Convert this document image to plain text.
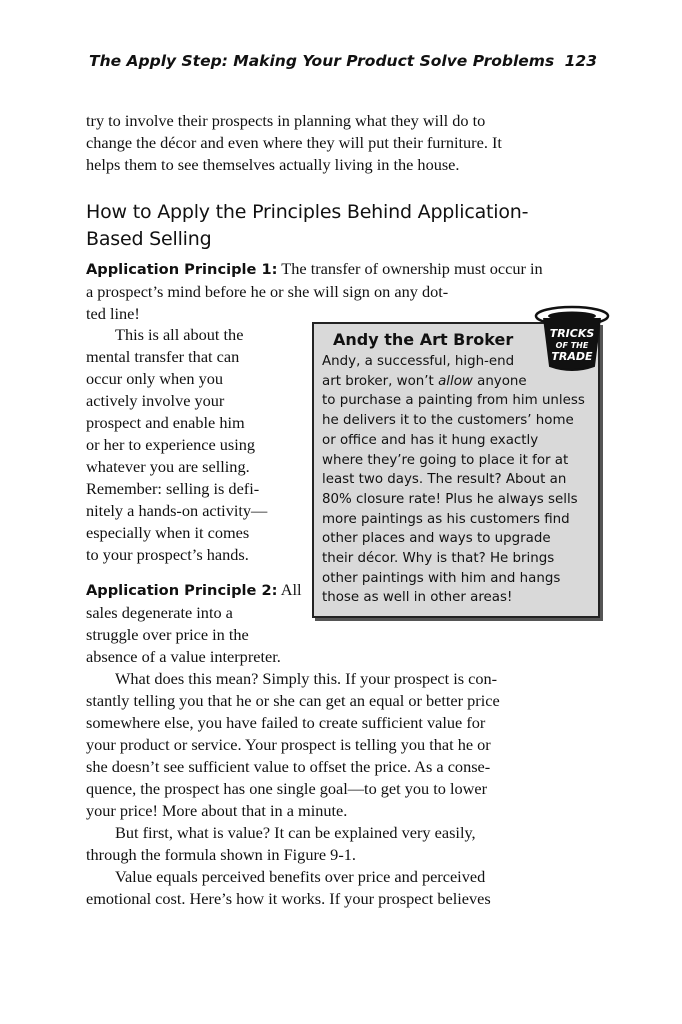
The Apply Step: Making Your Product Solve Problems 123

try to involve their prospects in planning what they will do to
change the décor and even where they will put their furniture. It
helps them to see themselves actually living in the house.

How to Apply the Principles Behind Application-
Based Selling

Application Principle 1: The transfer of ownership must occur in
a prospect’s mind before he or she will sign on any dot-
ted line!

This is all about the
mental transfer that can
occur only when you
actively involve your
prospect and enable him
or her to experience using
whatever you are selling.
Remember: selling is defi-
nitely a hands-on activity—
especially when it comes
to your prospect’s hands.

Application Principle 2: All
sales degenerate into a
struggle over price in the
absence of a value interpreter.

Andy the Art Broker
Andy, a successful, high-end
art broker, won’t allow anyone
to purchase a painting from him unless
he delivers it to the customers’ home
or office and has it hung exactly
where they’re going to place it for at
least two days. The result? About an
80% closure rate! Plus he always sells
more paintings as his customers find
other places and ways to upgrade
their décor. Why is that? He brings
other paintings with him and hangs
those as well in other areas!
TRICKS
OF THE
TRADE

What does this mean? Simply this. If your prospect is con-
stantly telling you that he or she can get an equal or better price
somewhere else, you have failed to create sufficient value for
your product or service. Your prospect is telling you that he or
she doesn’t see sufficient value to offset the price. As a conse-
quence, the prospect has one single goal—to get you to lower
your price! More about that in a minute.
But first, what is value? It can be explained very easily,
through the formula shown in Figure 9-1.
Value equals perceived benefits over price and perceived
emotional cost. Here’s how it works. If your prospect believes
